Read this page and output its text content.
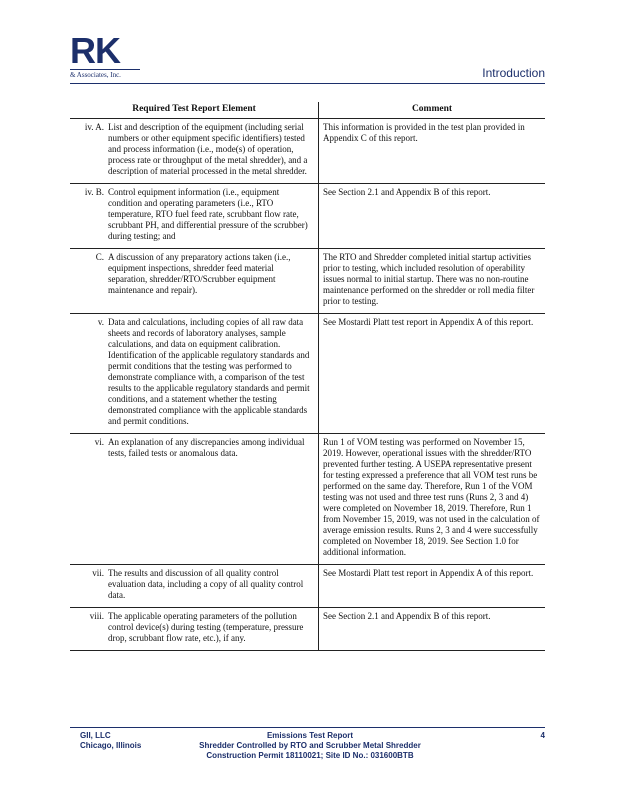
RK
& Associates, Inc.	Introduction
Required Test Report Element	Comment

iv. A. List and description of the equipment (including serial numbers or other equipment specific identifiers) tested and process information (i.e., mode(s) of operation, process rate or throughput of the metal shredder), and a description of material processed in the metal shredder.	This information is provided in the test plan provided in Appendix C of this report.

iv. B. Control equipment information (i.e., equipment condition and operating parameters (i.e., RTO temperature, RTO fuel feed rate, scrubbant flow rate, scrubbant PH, and differential pressure of the scrubber) during testing; and	See Section 2.1 and Appendix B of this report.

C. A discussion of any preparatory actions taken (i.e., equipment inspections, shredder feed material separation, shredder/RTO/Scrubber equipment maintenance and repair).	The RTO and Shredder completed initial startup activities prior to testing, which included resolution of operability issues normal to initial startup. There was no non-routine maintenance performed on the shredder or roll media filter prior to testing.

v. Data and calculations, including copies of all raw data sheets and records of laboratory analyses, sample calculations, and data on equipment calibration. Identification of the applicable regulatory standards and permit conditions that the testing was performed to demonstrate compliance with, a comparison of the test results to the applicable regulatory standards and permit conditions, and a statement whether the testing demonstrated compliance with the applicable standards and permit conditions.	See Mostardi Platt test report in Appendix A of this report.

vi. An explanation of any discrepancies among individual tests, failed tests or anomalous data.	Run 1 of VOM testing was performed on November 15, 2019. However, operational issues with the shredder/RTO prevented further testing. A USEPA representative present for testing expressed a preference that all VOM test runs be performed on the same day. Therefore, Run 1 of the VOM testing was not used and three test runs (Runs 2, 3 and 4) were completed on November 18, 2019. Therefore, Run 1 from November 15, 2019, was not used in the calculation of average emission results. Runs 2, 3 and 4 were successfully completed on November 18, 2019. See Section 1.0 for additional information.

vii. The results and discussion of all quality control evaluation data, including a copy of all quality control data.	See Mostardi Platt test report in Appendix A of this report.

viii. The applicable operating parameters of the pollution control device(s) during testing (temperature, pressure drop, scrubbant flow rate, etc.), if any.	See Section 2.1 and Appendix B of this report.
GII, LLC
Chicago, Illinois
Emissions Test Report
Shredder Controlled by RTO and Scrubber Metal Shredder
Construction Permit 18110021; Site ID No.: 031600BTB
4
